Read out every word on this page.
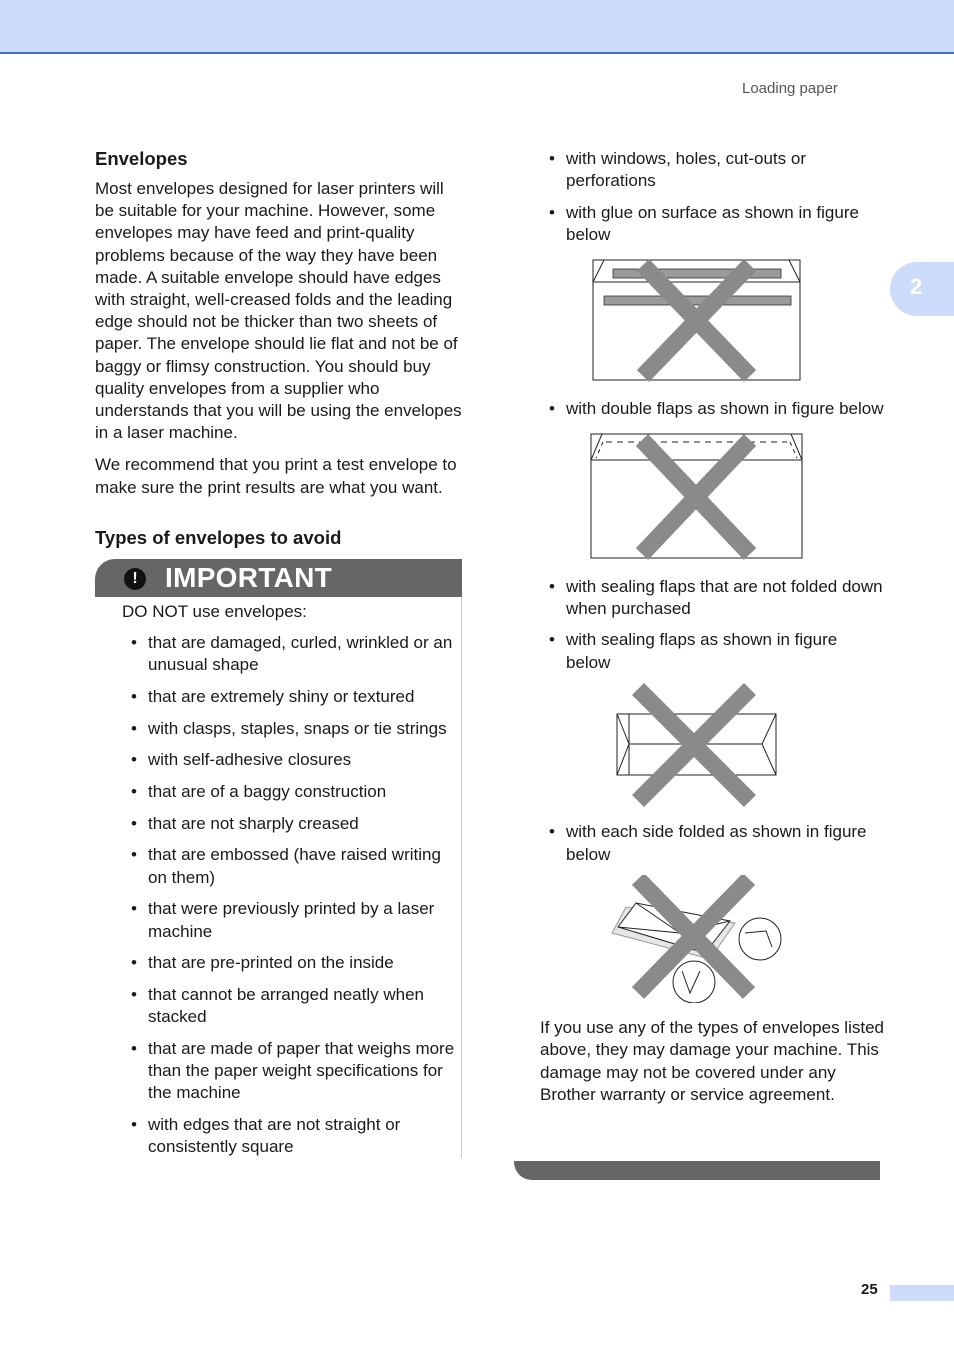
Loading paper
2
Envelopes

Most envelopes designed for laser printers will be suitable for your machine. However, some envelopes may have feed and print-quality problems because of the way they have been made. A suitable envelope should have edges with straight, well-creased folds and the leading edge should not be thicker than two sheets of paper. The envelope should lie flat and not be of baggy or flimsy construction. You should buy quality envelopes from a supplier who understands that you will be using the envelopes in a laser machine.

We recommend that you print a test envelope to make sure the print results are what you want.

Types of envelopes to avoid
! IMPORTANT

DO NOT use envelopes:

• that are damaged, curled, wrinkled or an unusual shape
• that are extremely shiny or textured
• with clasps, staples, snaps or tie strings
• with self-adhesive closures
• that are of a baggy construction
• that are not sharply creased
• that are embossed (have raised writing on them)
• that were previously printed by a laser machine
• that are pre-printed on the inside
• that cannot be arranged neatly when stacked
• that are made of paper that weighs more than the paper weight specifications for the machine
• with edges that are not straight or consistently square
• with windows, holes, cut-outs or perforations
• with glue on surface as shown in figure below
• with double flaps as shown in figure below
• with sealing flaps that are not folded down when purchased
• with sealing flaps as shown in figure below
• with each side folded as shown in figure below

If you use any of the types of envelopes listed above, they may damage your machine. This damage may not be covered under any Brother warranty or service agreement.

25
